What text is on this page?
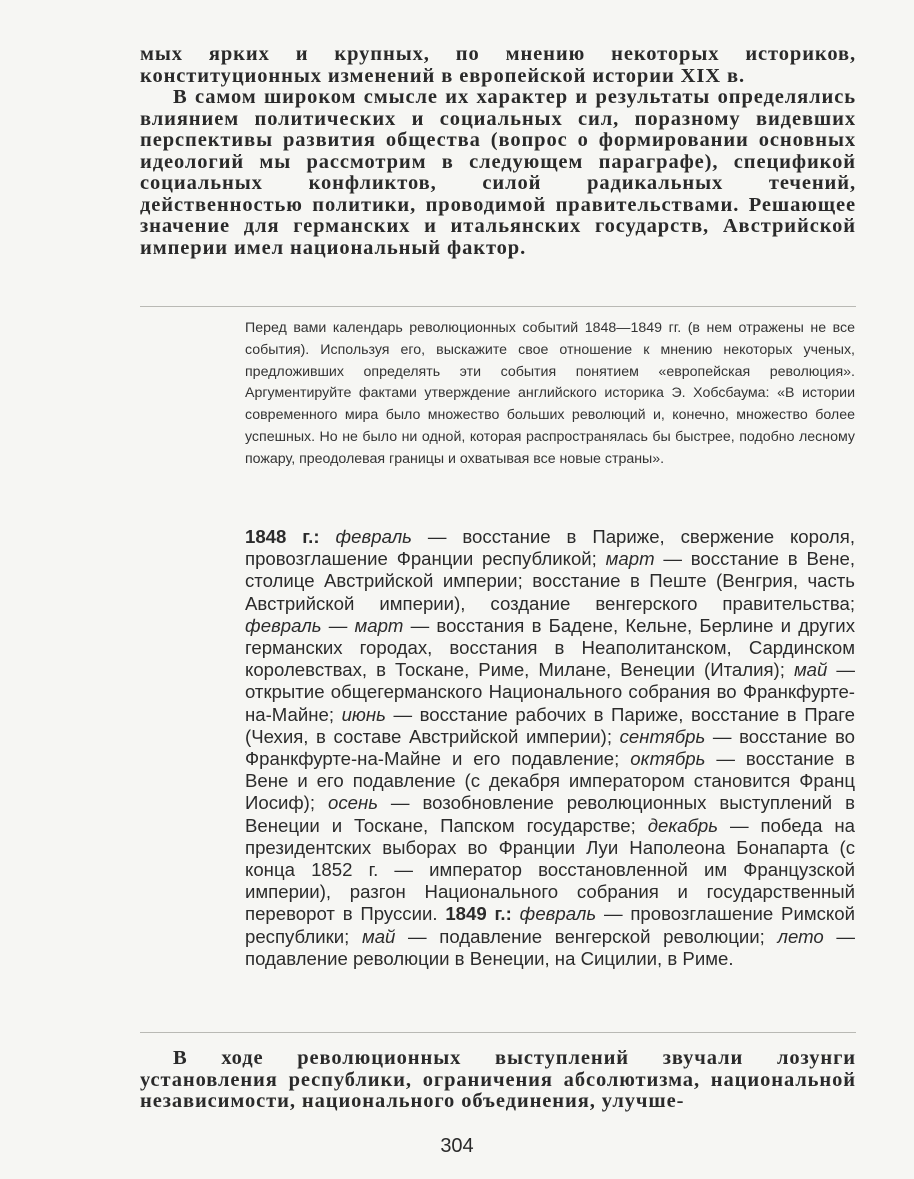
мых ярких и крупных, по мнению некоторых историков, конституционных изменений в европейской истории XIX в.

В самом широком смысле их характер и результаты определялись влиянием политических и социальных сил, поразному видевших перспективы развития общества (вопрос о формировании основных идеологий мы рассмотрим в следующем параграфе), спецификой социальных конфликтов, силой радикальных течений, действенностью политики, проводимой правительствами. Решающее значение для германских и итальянских государств, Австрийской империи имел национальный фактор.

Перед вами календарь революционных событий 1848—1849 гг. (в нем отражены не все события). Используя его, выскажите свое отношение к мнению некоторых ученых, предложивших определять эти события понятием «европейская революция». Аргументируйте фактами утверждение английского историка Э. Хобсбаума: «В истории современного мира было множество больших революций и, конечно, множество более успешных. Но не было ни одной, которая распространялась бы быстрее, подобно лесному пожару, преодолевая границы и охватывая все новые страны».
1848 г.: февраль — восстание в Париже, свержение короля, провозглашение Франции республикой; март — восстание в Вене, столице Австрийской империи; восстание в Пеште (Венгрия, часть Австрийской империи), создание венгерского правительства; февраль — март — восстания в Бадене, Кельне, Берлине и других германских городах, восстания в Неаполитанском, Сардинском королевствах, в Тоскане, Риме, Милане, Венеции (Италия); май — открытие общегерманского Национального собрания во Франкфурте-на-Майне; июнь — восстание рабочих в Париже, восстание в Праге (Чехия, в составе Австрийской империи); сентябрь — восстание во Франкфурте-на-Майне и его подавление; октябрь — восстание в Вене и его подавление (с декабря императором становится Франц Иосиф); осень — возобновление революционных выступлений в Венеции и Тоскане, Папском государстве; декабрь — победа на президентских выборах во Франции Луи Наполеона Бонапарта (с конца 1852 г. — император восстановленной им Французской империи), разгон Национального собрания и государственный переворот в Пруссии. 1849 г.: февраль — провозглашение Римской республики; май — подавление венгерской революции; лето — подавление революции в Венеции, на Сицилии, в Риме.

В ходе революционных выступлений звучали лозунги установления республики, ограничения абсолютизма, национальной независимости, национального объединения, улучше-

304
